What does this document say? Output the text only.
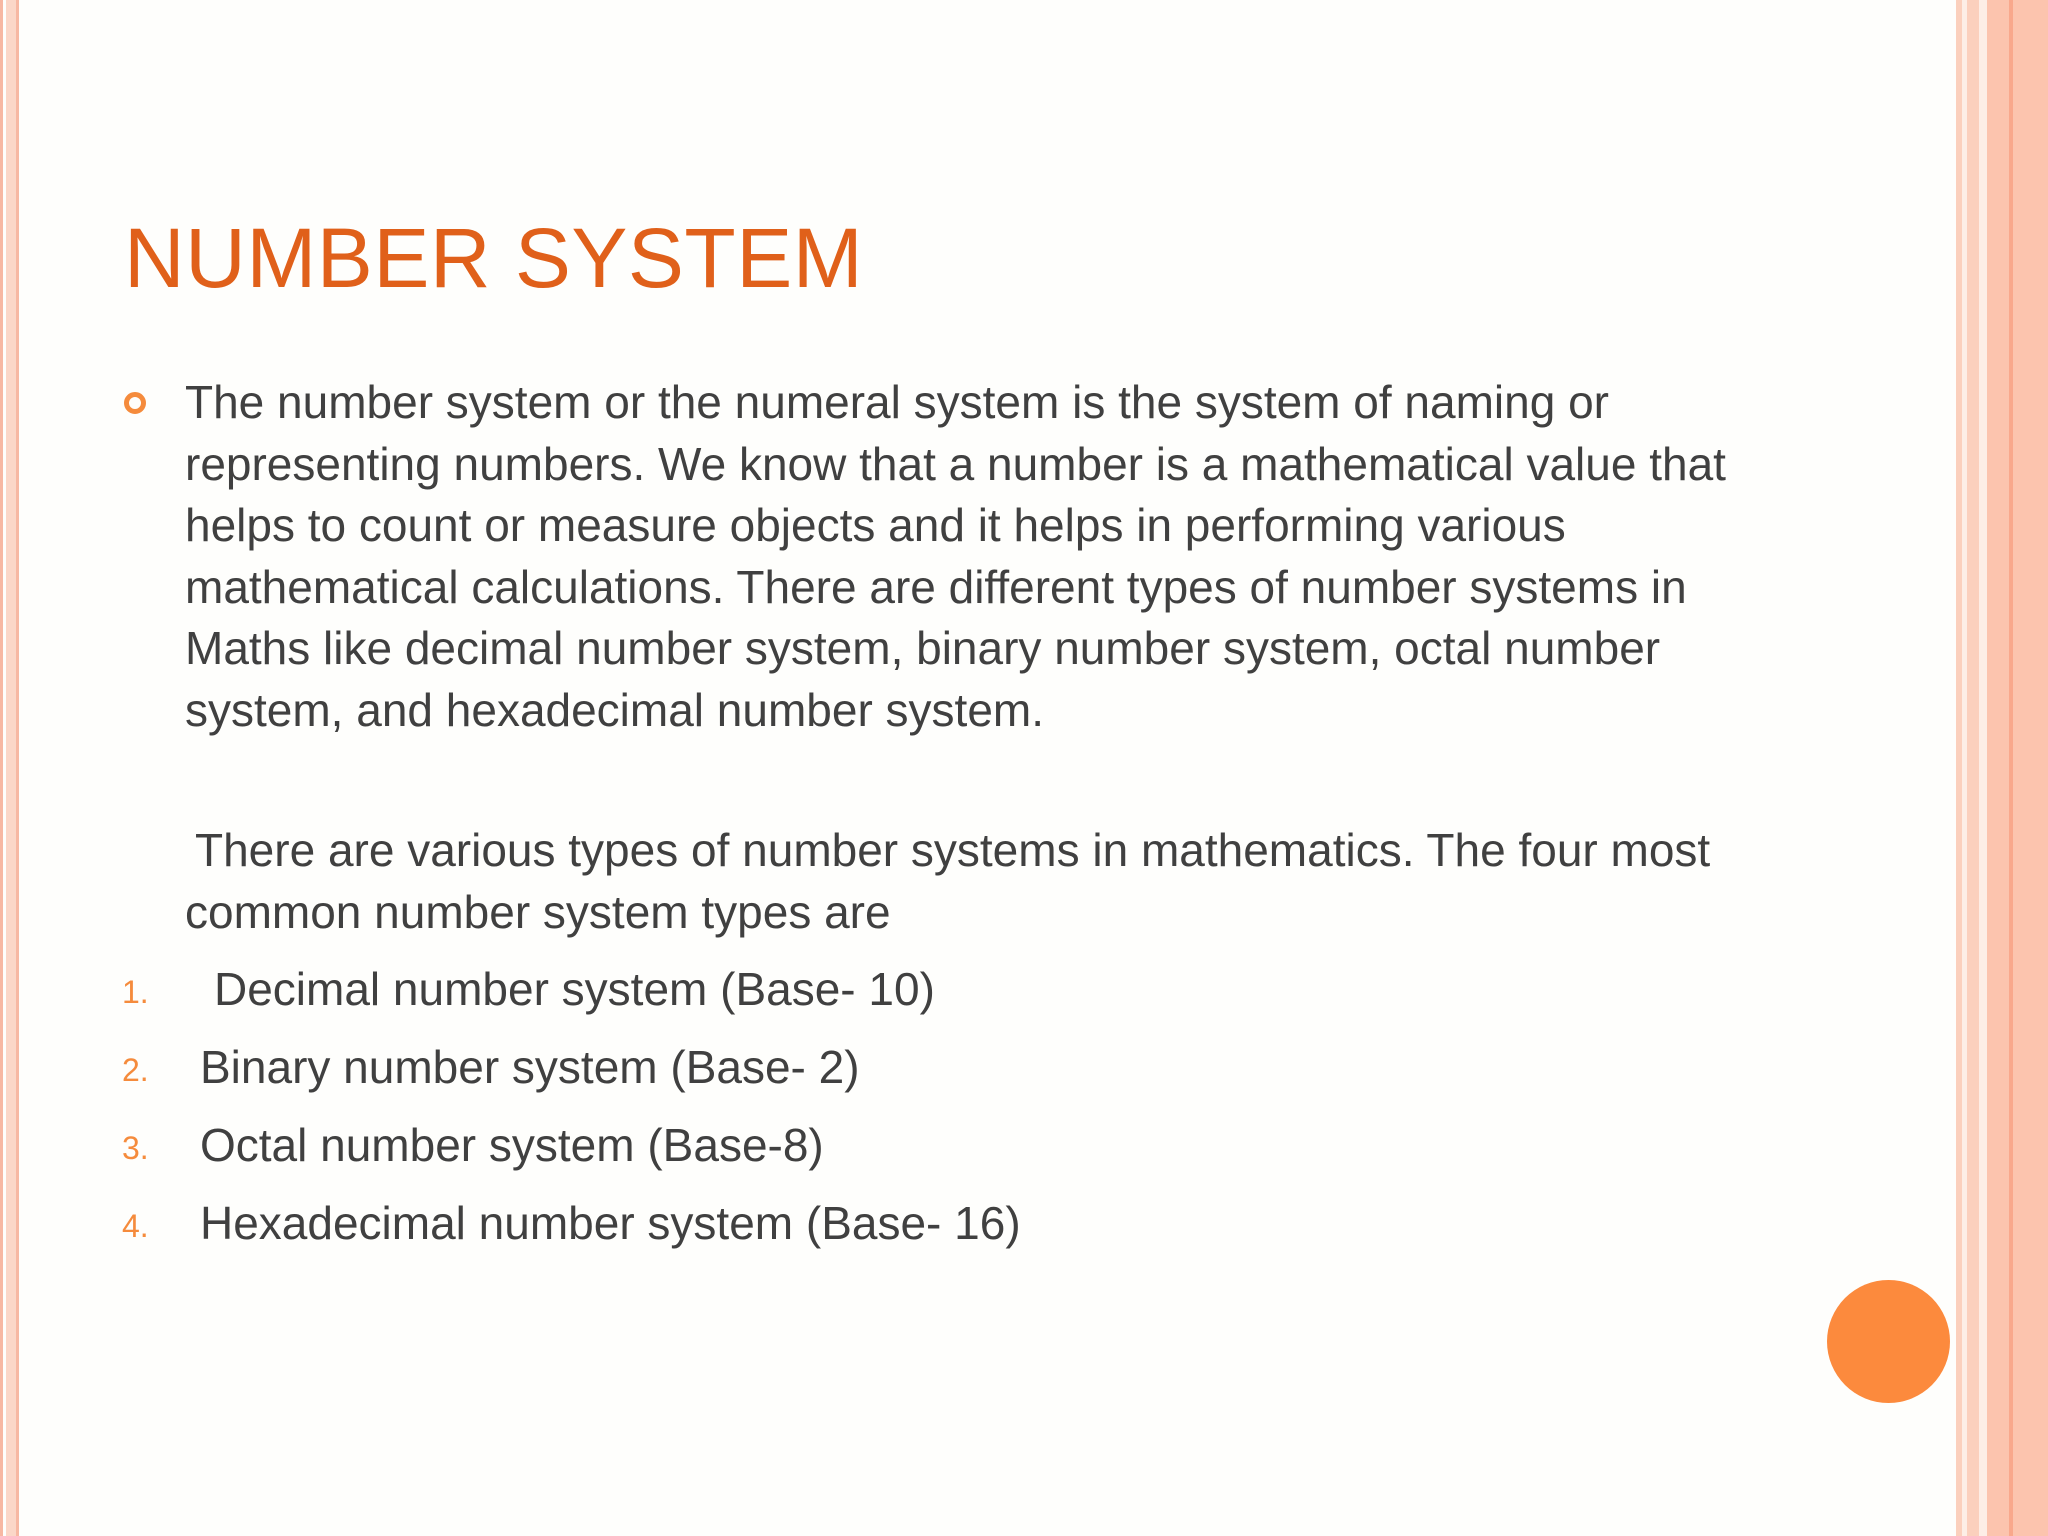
NUMBER SYSTEM

The number system or the numeral system is the system of naming or representing numbers. We know that a number is a mathematical value that helps to count or measure objects and it helps in performing various mathematical calculations. There are different types of number systems in Maths like decimal number system, binary number system, octal number system, and hexadecimal number system.

There are various types of number systems in mathematics. The four most common number system types are

1. Decimal number system (Base- 10)
2. Binary number system (Base- 2)
3. Octal number system (Base-8)
4. Hexadecimal number system (Base- 16)
